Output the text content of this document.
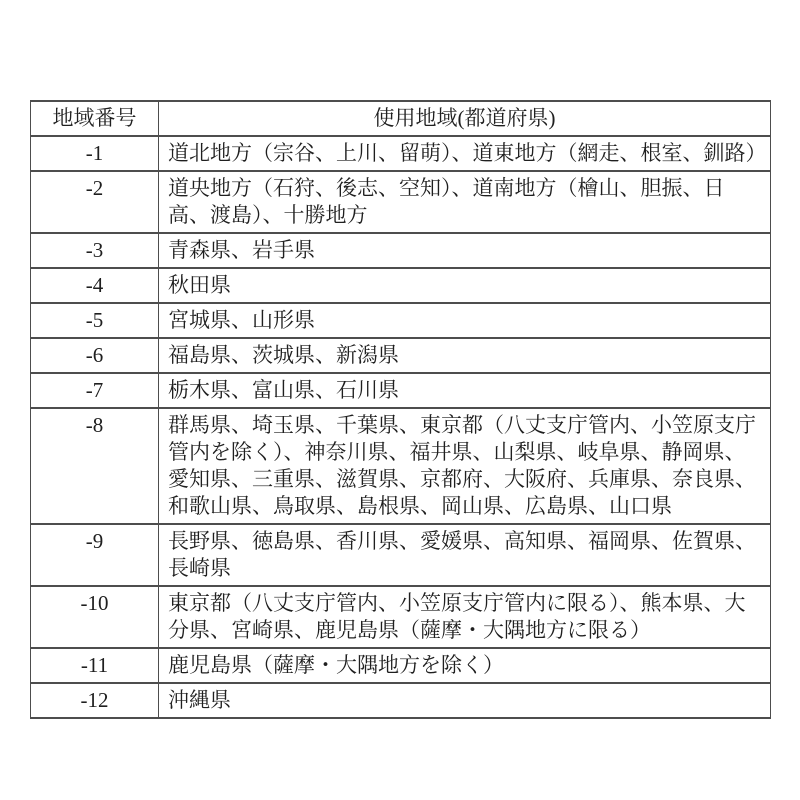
地域番号	使用地域(都道府県)
-1	道北地方（宗谷、上川、留萌）、道東地方（網走、根室、釧路）
-2	道央地方（石狩、後志、空知）、道南地方（檜山、胆振、日高、渡島）、十勝地方
-3	青森県、岩手県
-4	秋田県
-5	宮城県、山形県
-6	福島県、茨城県、新潟県
-7	栃木県、富山県、石川県
-8	群馬県、埼玉県、千葉県、東京都（八丈支庁管内、小笠原支庁管内を除く）、神奈川県、福井県、山梨県、岐阜県、静岡県、愛知県、三重県、滋賀県、京都府、大阪府、兵庫県、奈良県、和歌山県、鳥取県、島根県、岡山県、広島県、山口県
-9	長野県、徳島県、香川県、愛媛県、高知県、福岡県、佐賀県、長崎県
-10	東京都（八丈支庁管内、小笠原支庁管内に限る）、熊本県、大分県、宮崎県、鹿児島県（薩摩・大隅地方に限る）
-11	鹿児島県（薩摩・大隅地方を除く）
-12	沖縄県
